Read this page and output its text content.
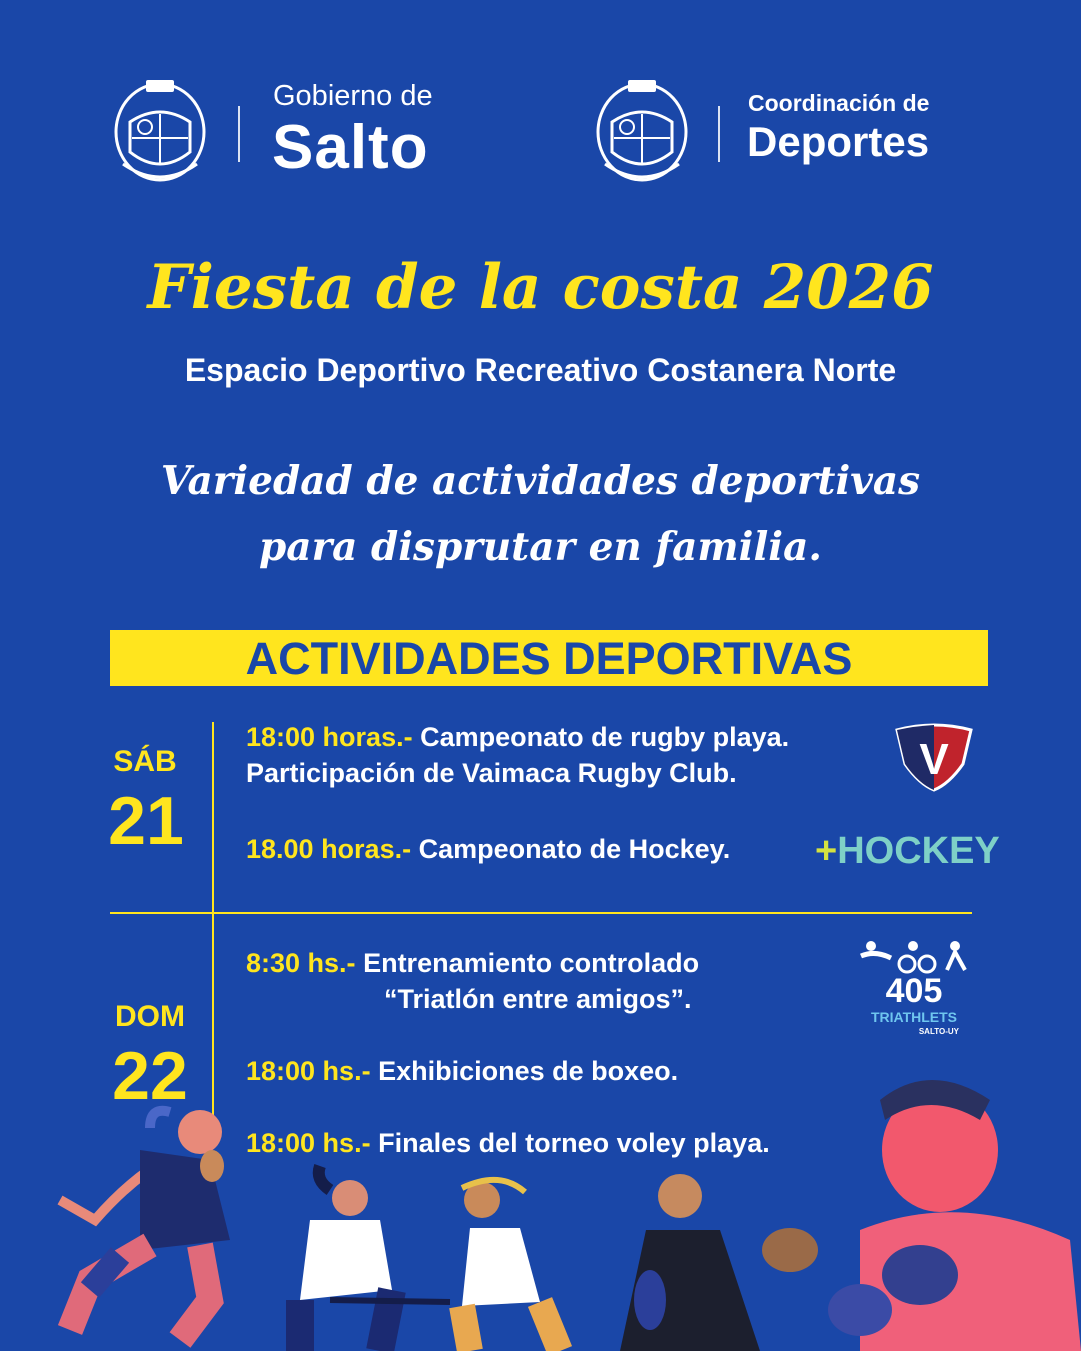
Gobierno de
Salto
Coordinación de
Deportes
Fiesta de la costa 2026
Espacio Deportivo Recreativo Costanera Norte
Variedad de actividades deportivas
para disprutar en familia.
ACTIVIDADES DEPORTIVAS
SÁB
21
18:00 horas.- Campeonato de rugby playa.
Participación de Vaimaca Rugby Club.
18.00 horas.- Campeonato de Hockey.
DOM
22
8:30 hs.- Entrenamiento controlado
“Triatlón entre amigos”.
18:00 hs.- Exhibiciones de boxeo.
18:00 hs.- Finales del torneo voley playa.
V
+HOCKEY
405
TRIATHLETS
SALTO-UY
